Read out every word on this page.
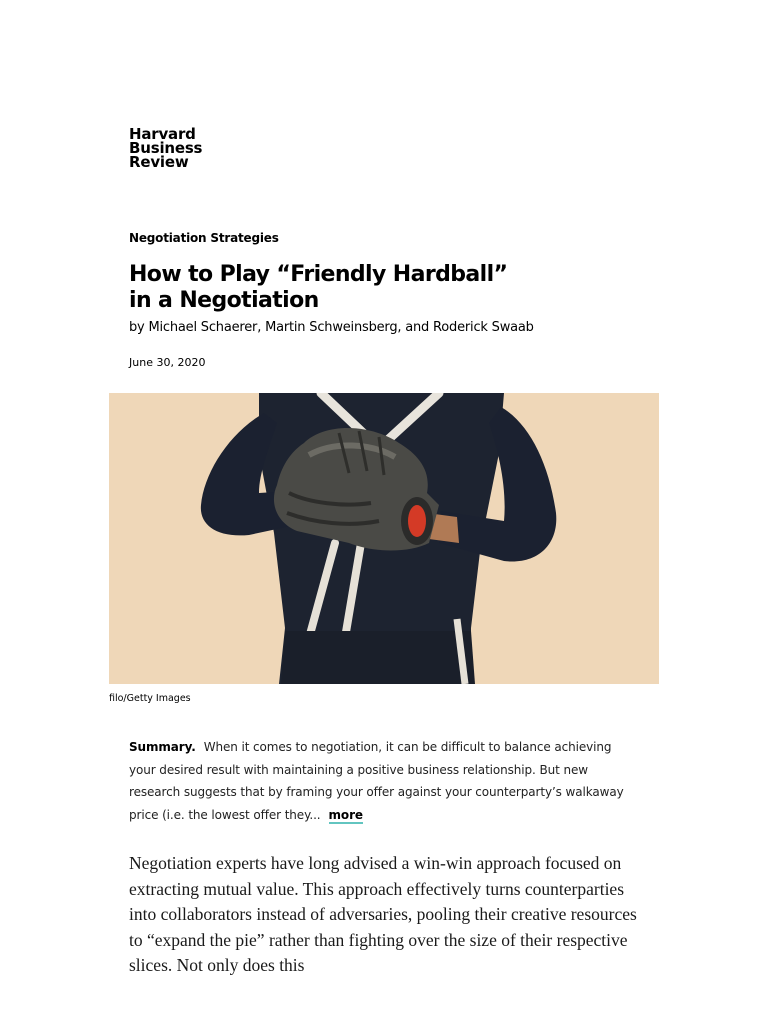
Harvard
Business
Review
Negotiation Strategies
How to Play “Friendly Hardball” in a Negotiation
by Michael Schaerer, Martin Schweinsberg, and Roderick Swaab
June 30, 2020
filo/Getty Images

Summary. When it comes to negotiation, it can be difficult to balance achieving your desired result with maintaining a positive business relationship. But new research suggests that by framing your offer against your counterparty’s walkaway price (i.e. the lowest offer they... more

Negotiation experts have long advised a win-win approach focused on extracting mutual value. This approach effectively turns counterparties into collaborators instead of adversaries, pooling their creative resources to “expand the pie” rather than fighting over the size of their respective slices. Not only does this
